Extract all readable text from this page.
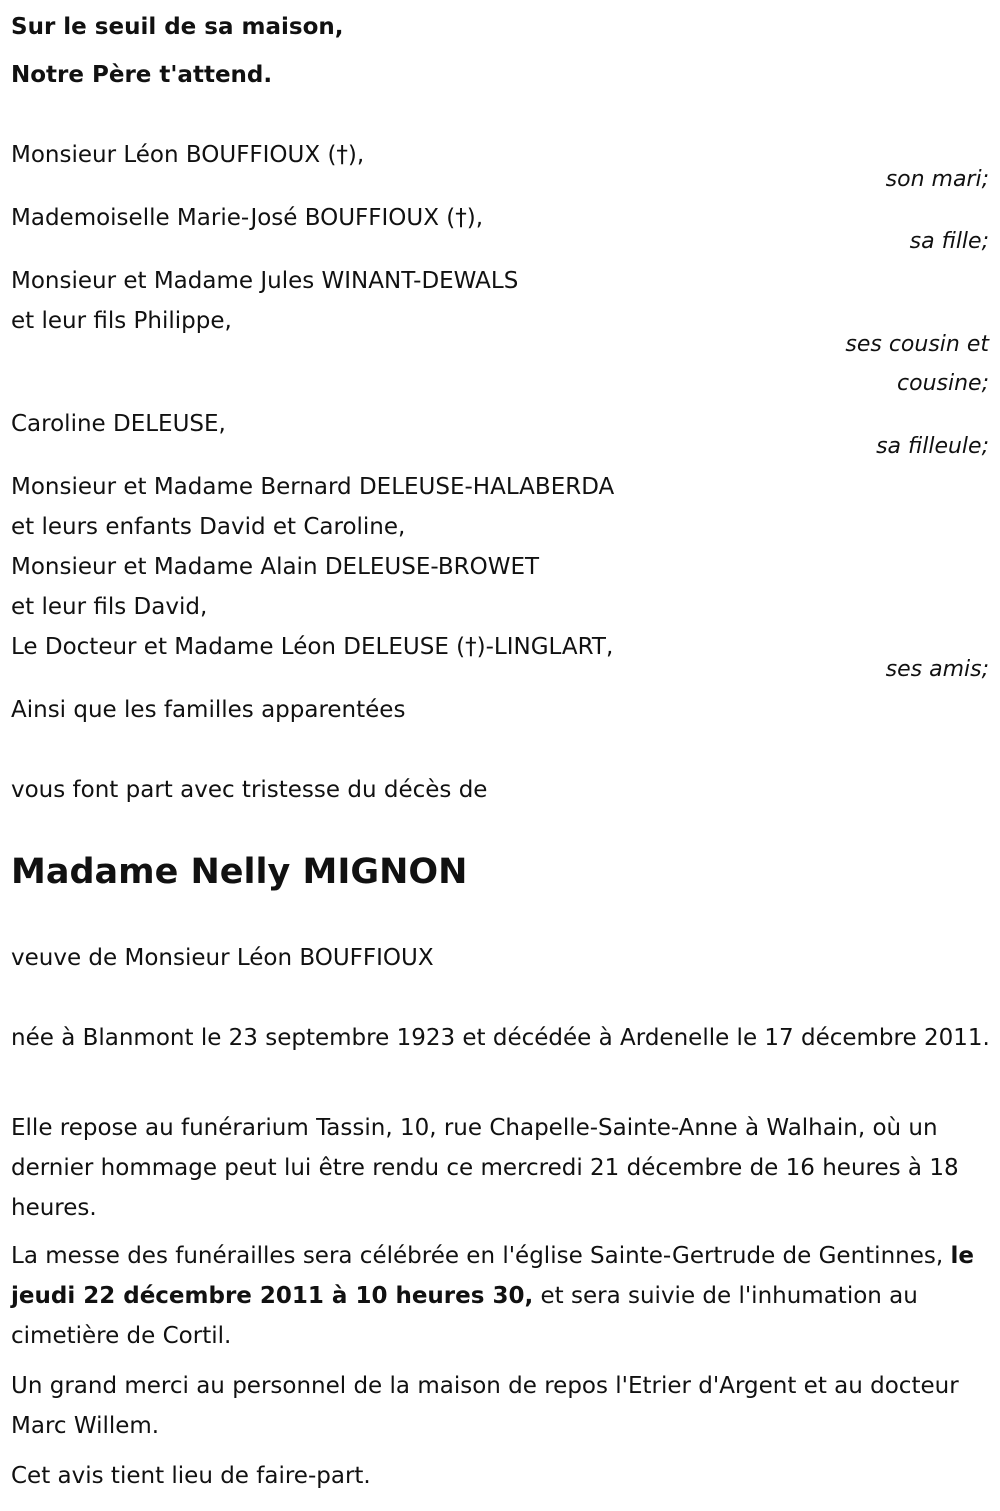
Sur le seuil de sa maison,
Notre Père t'attend.
Monsieur Léon BOUFFIOUX (†),
son mari;
Mademoiselle Marie-José BOUFFIOUX (†),
sa fille;
Monsieur et Madame Jules WINANT-DEWALS
et leur fils Philippe,
ses cousin et
cousine;
Caroline DELEUSE,
sa filleule;
Monsieur et Madame Bernard DELEUSE-HALABERDA
et leurs enfants David et Caroline,
Monsieur et Madame Alain DELEUSE-BROWET
et leur fils David,
Le Docteur et Madame Léon DELEUSE (†)-LINGLART,
ses amis;
Ainsi que les familles apparentées
vous font part avec tristesse du décès de
Madame Nelly MIGNON
veuve de Monsieur Léon BOUFFIOUX
née à Blanmont le 23 septembre 1923 et décédée à Ardenelle le 17 décembre 2011.
Elle repose au funérarium Tassin, 10, rue Chapelle-Sainte-Anne à Walhain, où un dernier hommage peut lui être rendu ce mercredi 21 décembre de 16 heures à 18 heures.
La messe des funérailles sera célébrée en l'église Sainte-Gertrude de Gentinnes, le jeudi 22 décembre 2011 à 10 heures 30, et sera suivie de l'inhumation au cimetière de Cortil.
Un grand merci au personnel de la maison de repos l'Etrier d'Argent et au docteur Marc Willem.
Cet avis tient lieu de faire-part.
